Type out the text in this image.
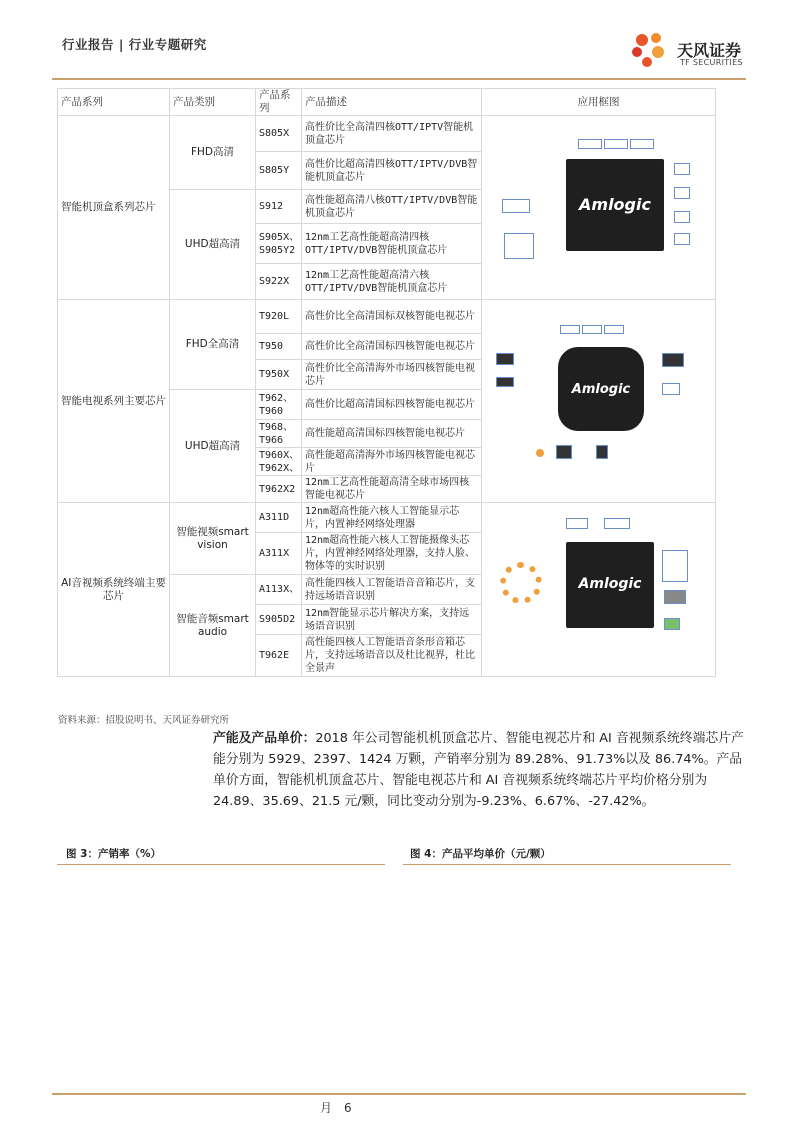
行业报告 | 行业专题研究	天风证券
TF SECURITIES
产品系列	产品类别	产品系列	产品描述	应用框图
智能机顶盒系列芯片	FHD高清	S805X	高性价比全高清四核OTT/IPTV智能机顶盒芯片	Amlogic

		S805Y	高性价比超高清四核OTT/IPTV/DVB智能机顶盒芯片	
	UHD超高清	S912	高性能超高清八核OTT/IPTV/DVB智能机顶盒芯片	
		S905X、S905Y2	12nm工艺高性能超高清四核OTT/IPTV/DVB智能机顶盒芯片	
		S922X	12nm工艺高性能超高清六核OTT/IPTV/DVB智能机顶盒芯片	
智能电视系列主要芯片	FHD全高清	T920L	高性价比全高清国标双核智能电视芯片	Amlogic

		T950	高性价比全高清国标四核智能电视芯片	
		T950X	高性价比全高清海外市场四核智能电视芯片	
	UHD超高清	T962、T960	高性价比超高清国标四核智能电视芯片	
		T968、T966	高性能超高清国标四核智能电视芯片	
		T960X、T962X、	高性能超高清海外市场四核智能电视芯片	
		T962X2	12nm工艺高性能超高清全球市场四核智能电视芯片	
AI音视频系统终端主要芯片	智能视频smart vision	A311D	12nm超高性能六核人工智能显示芯片，内置神经网络处理器	Amlogic

		A311X	12nm超高性能六核人工智能摄像头芯片，内置神经网络处理器，支持人脸、物体等的实时识别	
	智能音频smart audio	A113X、	高性能四核人工智能语音音箱芯片，支持远场语音识别	
		S905D2	12nm智能显示芯片解决方案，支持远场语音识别	
		T962E	高性能四核人工智能语音条形音箱芯片，支持远场语音以及杜比视界，杜比全景声	
资料来源：招股说明书、天风证券研究所
产能及产品单价：2018 年公司智能机机顶盒芯片、智能电视芯片和 AI 音视频系统终端芯片产能分别为 5929、2397、1424 万颗，产销率分别为 89.28%、91.73%以及 86.74%。产品单价方面，智能机机顶盒芯片、智能电视芯片和 AI 音视频系统终端芯片平均价格分别为 24.89、35.69、21.5 元/颗，同比变动分别为-9.23%、6.67%、-27.42%。
图 3：产销率（%）	图 4：产品平均单价（元/颗）
月　6
